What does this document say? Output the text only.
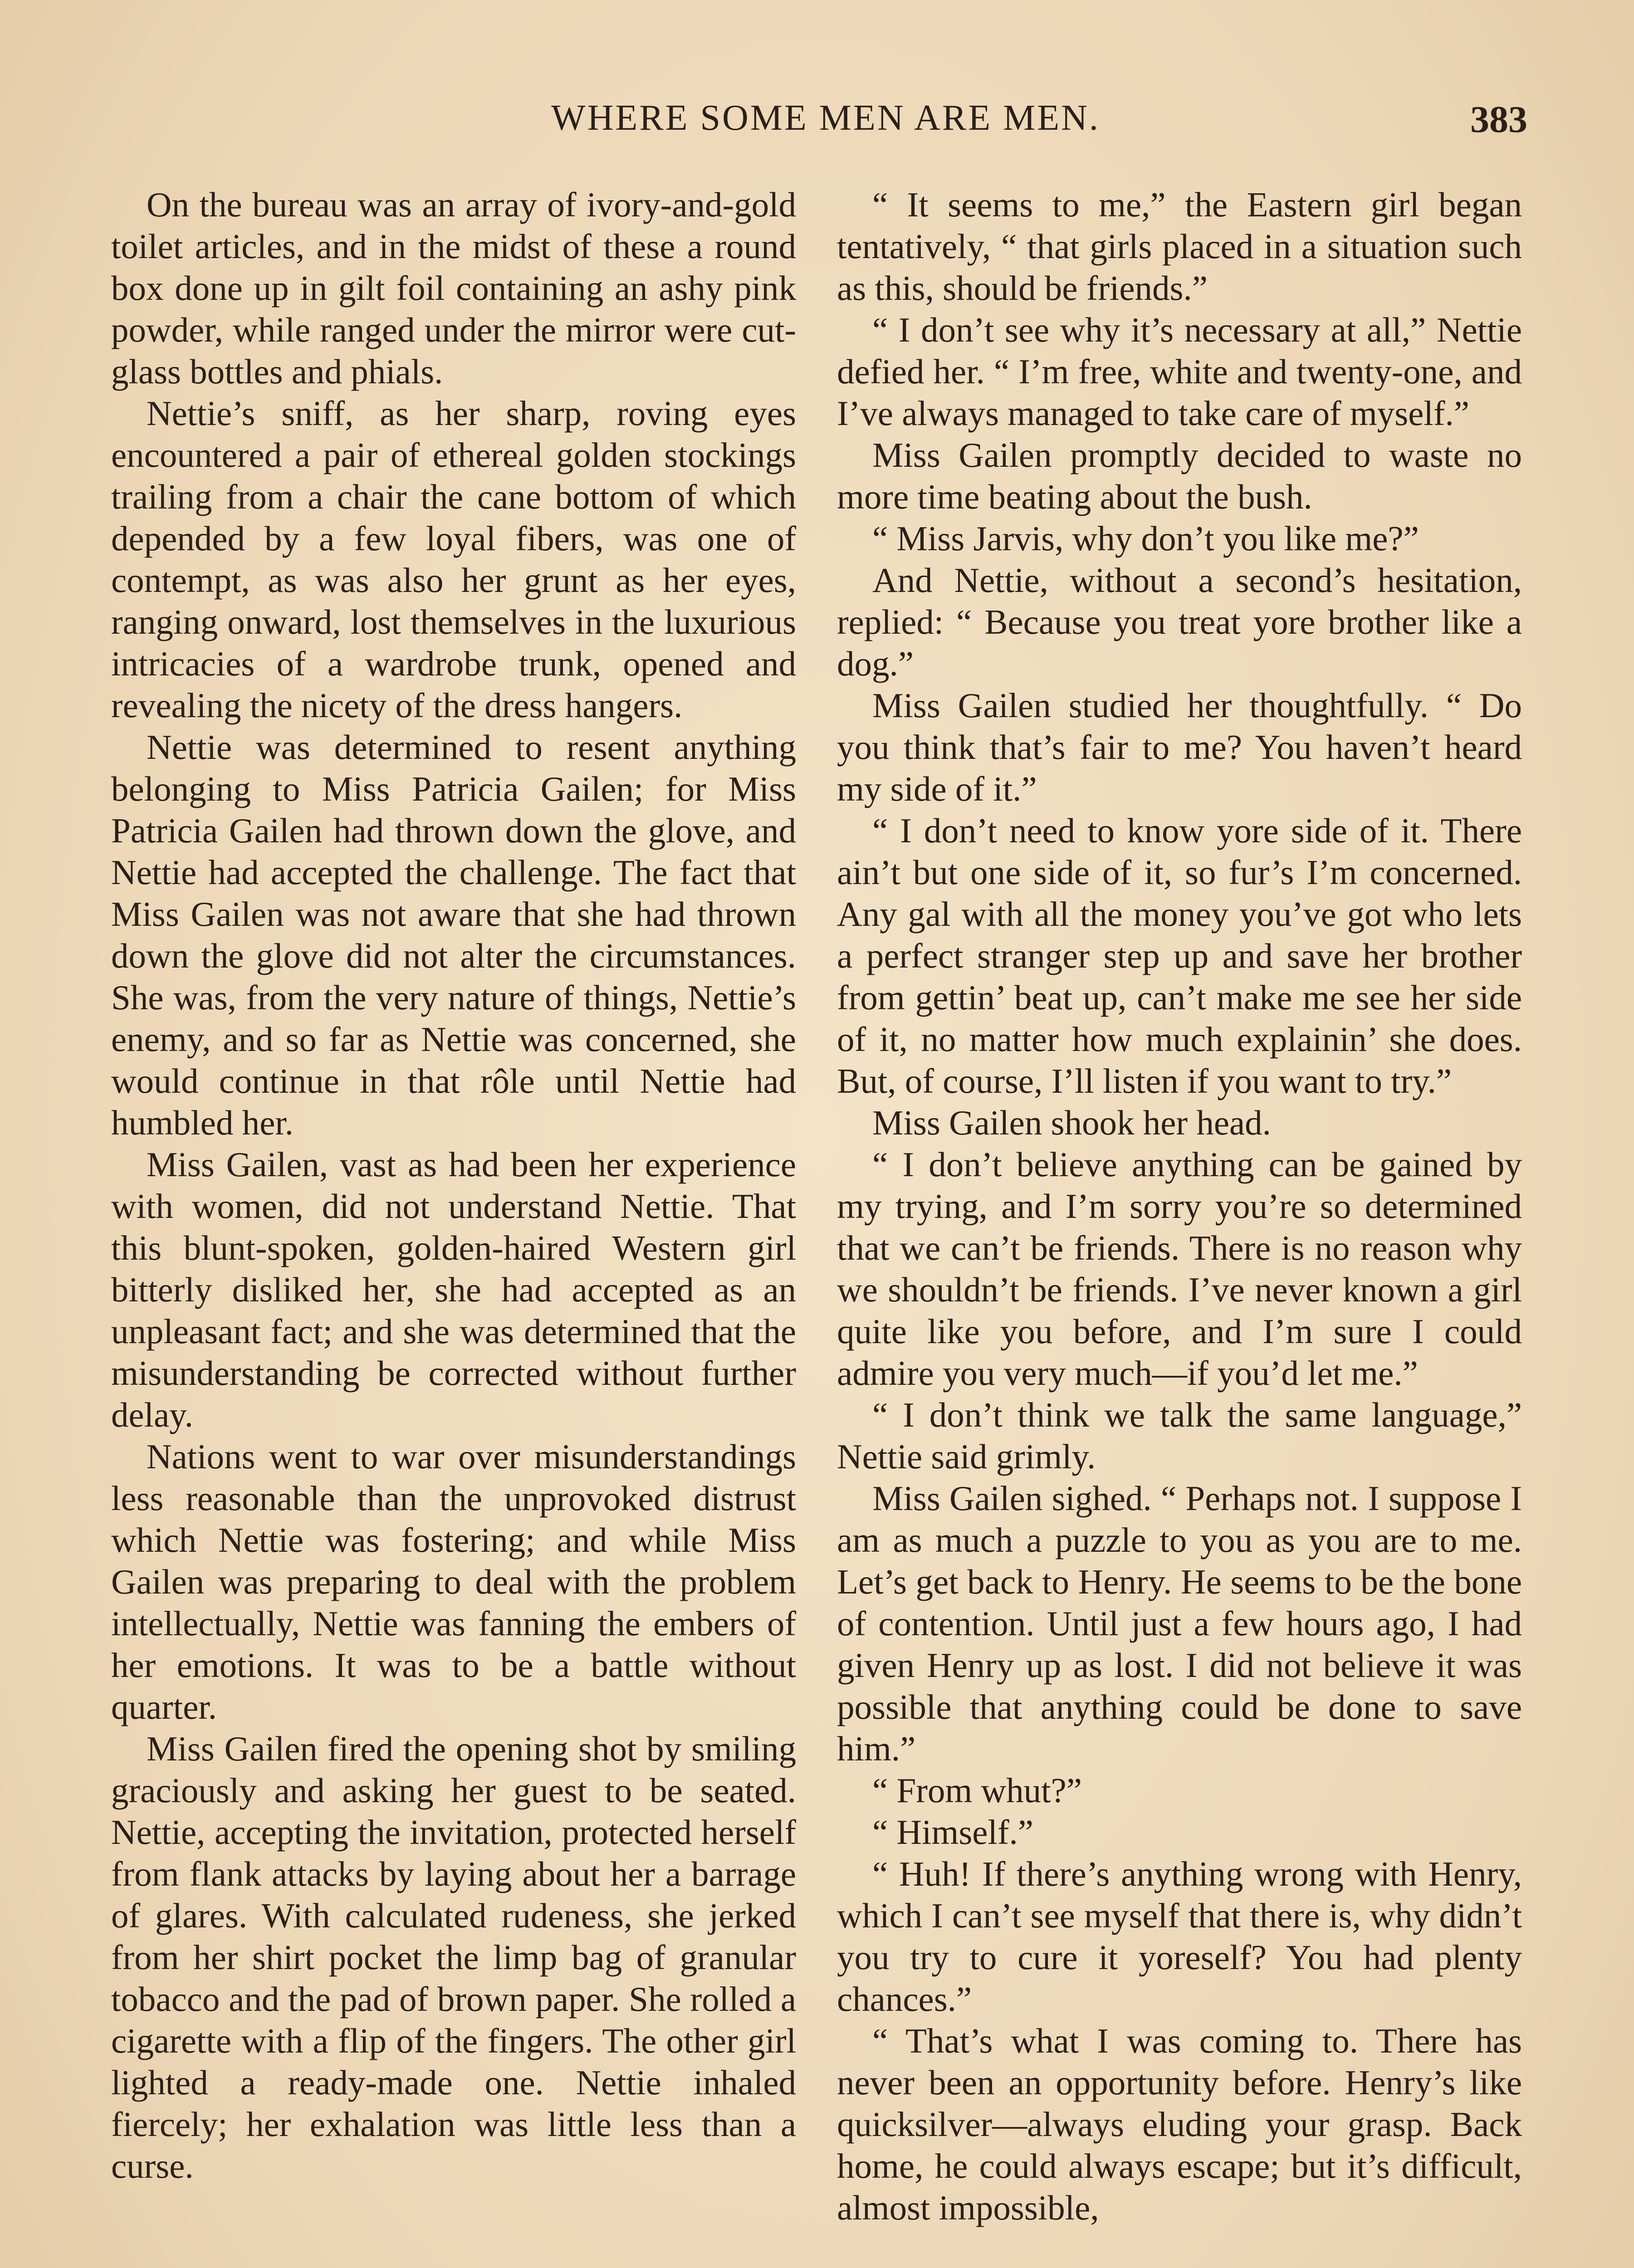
WHERE SOME MEN ARE MEN.	383

On the bureau was an array of ivory-and-gold toilet articles, and in the midst of these a round box done up in gilt foil containing an ashy pink powder, while ranged under the mirror were cut-glass bottles and phials.

Nettie’s sniff, as her sharp, roving eyes encountered a pair of ethereal golden stockings trailing from a chair the cane bottom of which depended by a few loyal fibers, was one of contempt, as was also her grunt as her eyes, ranging onward, lost themselves in the luxurious intricacies of a wardrobe trunk, opened and revealing the nicety of the dress hangers.

Nettie was determined to resent anything belonging to Miss Patricia Gailen; for Miss Patricia Gailen had thrown down the glove, and Nettie had accepted the challenge. The fact that Miss Gailen was not aware that she had thrown down the glove did not alter the circumstances. She was, from the very nature of things, Nettie’s enemy, and so far as Nettie was concerned, she would continue in that rôle until Nettie had humbled her.

Miss Gailen, vast as had been her experience with women, did not understand Nettie. That this blunt-spoken, golden-haired Western girl bitterly disliked her, she had accepted as an unpleasant fact; and she was determined that the misunderstanding be corrected without further delay.

Nations went to war over misunderstandings less reasonable than the unprovoked distrust which Nettie was fostering; and while Miss Gailen was preparing to deal with the problem intellectually, Nettie was fanning the embers of her emotions. It was to be a battle without quarter.

Miss Gailen fired the opening shot by smiling graciously and asking her guest to be seated. Nettie, accepting the invitation, protected herself from flank attacks by laying about her a barrage of glares. With calculated rudeness, she jerked from her shirt pocket the limp bag of granular tobacco and the pad of brown paper. She rolled a cigarette with a flip of the fingers. The other girl lighted a ready-made one. Nettie inhaled fiercely; her exhalation was little less than a curse.

“ It seems to me,” the Eastern girl began tentatively, “ that girls placed in a situation such as this, should be friends.”

“ I don’t see why it’s necessary at all,” Nettie defied her. “ I’m free, white and twenty-one, and I’ve always managed to take care of myself.”

Miss Gailen promptly decided to waste no more time beating about the bush.

“ Miss Jarvis, why don’t you like me?”

And Nettie, without a second’s hesitation, replied: “ Because you treat yore brother like a dog.”

Miss Gailen studied her thoughtfully. “ Do you think that’s fair to me? You haven’t heard my side of it.”

“ I don’t need to know yore side of it. There ain’t but one side of it, so fur’s I’m concerned. Any gal with all the money you’ve got who lets a perfect stranger step up and save her brother from gettin’ beat up, can’t make me see her side of it, no matter how much explainin’ she does. But, of course, I’ll listen if you want to try.”

Miss Gailen shook her head.

“ I don’t believe anything can be gained by my trying, and I’m sorry you’re so determined that we can’t be friends. There is no reason why we shouldn’t be friends. I’ve never known a girl quite like you before, and I’m sure I could admire you very much—if you’d let me.”

“ I don’t think we talk the same language,” Nettie said grimly.

Miss Gailen sighed. “ Perhaps not. I suppose I am as much a puzzle to you as you are to me. Let’s get back to Henry. He seems to be the bone of contention. Until just a few hours ago, I had given Henry up as lost. I did not believe it was possible that anything could be done to save him.”

“ From whut?”

“ Himself.”

“ Huh! If there’s anything wrong with Henry, which I can’t see myself that there is, why didn’t you try to cure it yoreself? You had plenty chances.”

“ That’s what I was coming to. There has never been an opportunity before. Henry’s like quicksilver—always eluding your grasp. Back home, he could always escape; but it’s difficult, almost impossible,
